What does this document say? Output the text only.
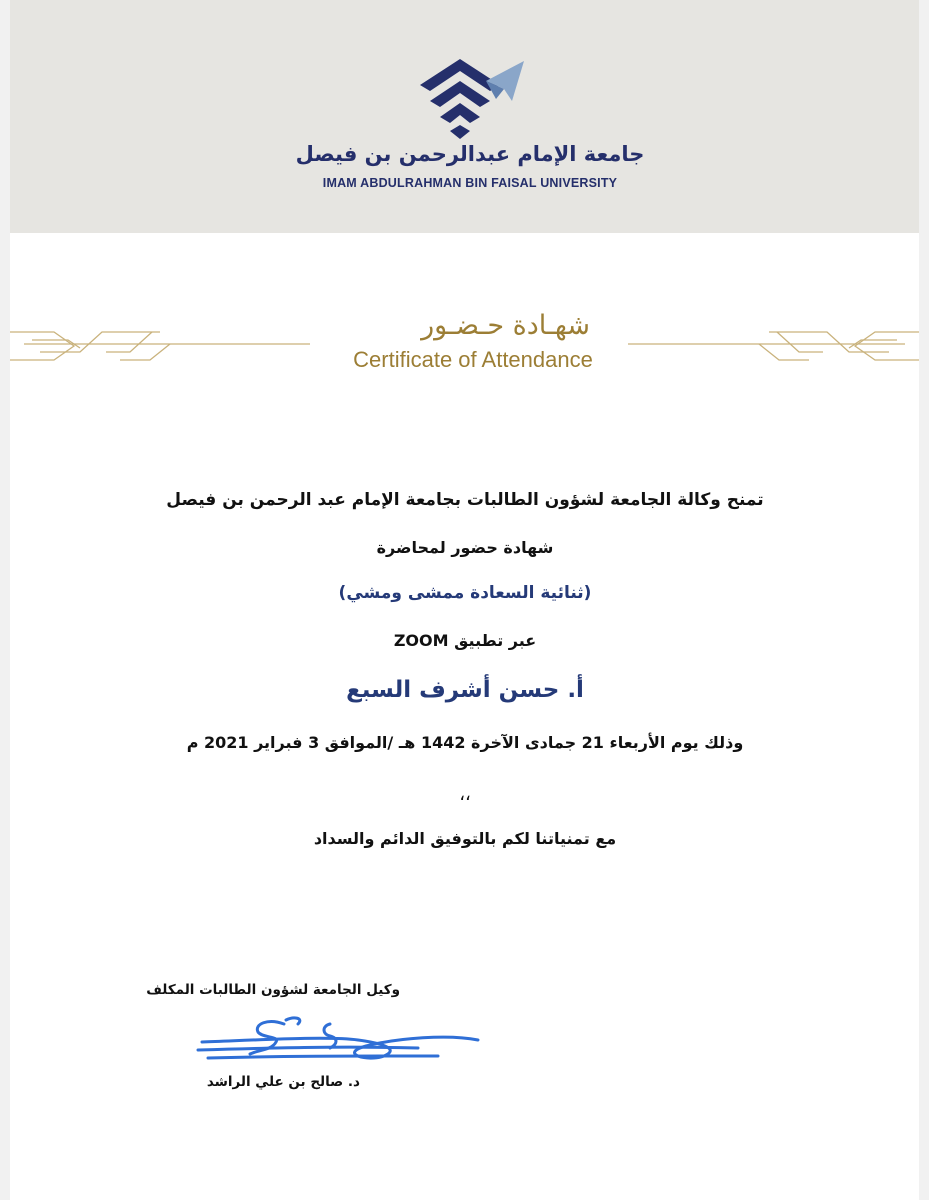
جامعة الإمام عبدالرحمن بن فيصل
IMAM ABDULRAHMAN BIN FAISAL UNIVERSITY
شهـادة حـضـور
Certificate of Attendance
تمنح وكالة الجامعة لشؤون الطالبات بجامعة الإمام عبد الرحمن بن فيصل
شهادة حضور لمحاضرة
(ثنائية السعادة ممشى ومشي)
عبر تطبيق ZOOM
أ. حسن أشرف السبع
وذلك يوم الأربعاء 21 جمادى الآخرة 1442 هـ /الموافق 3 فبراير 2021 م
،،
مع تمنياتنا لكم بالتوفيق الدائم والسداد
وكيل الجامعة لشؤون الطالبات المكلف
د. صالح بن علي الراشد
